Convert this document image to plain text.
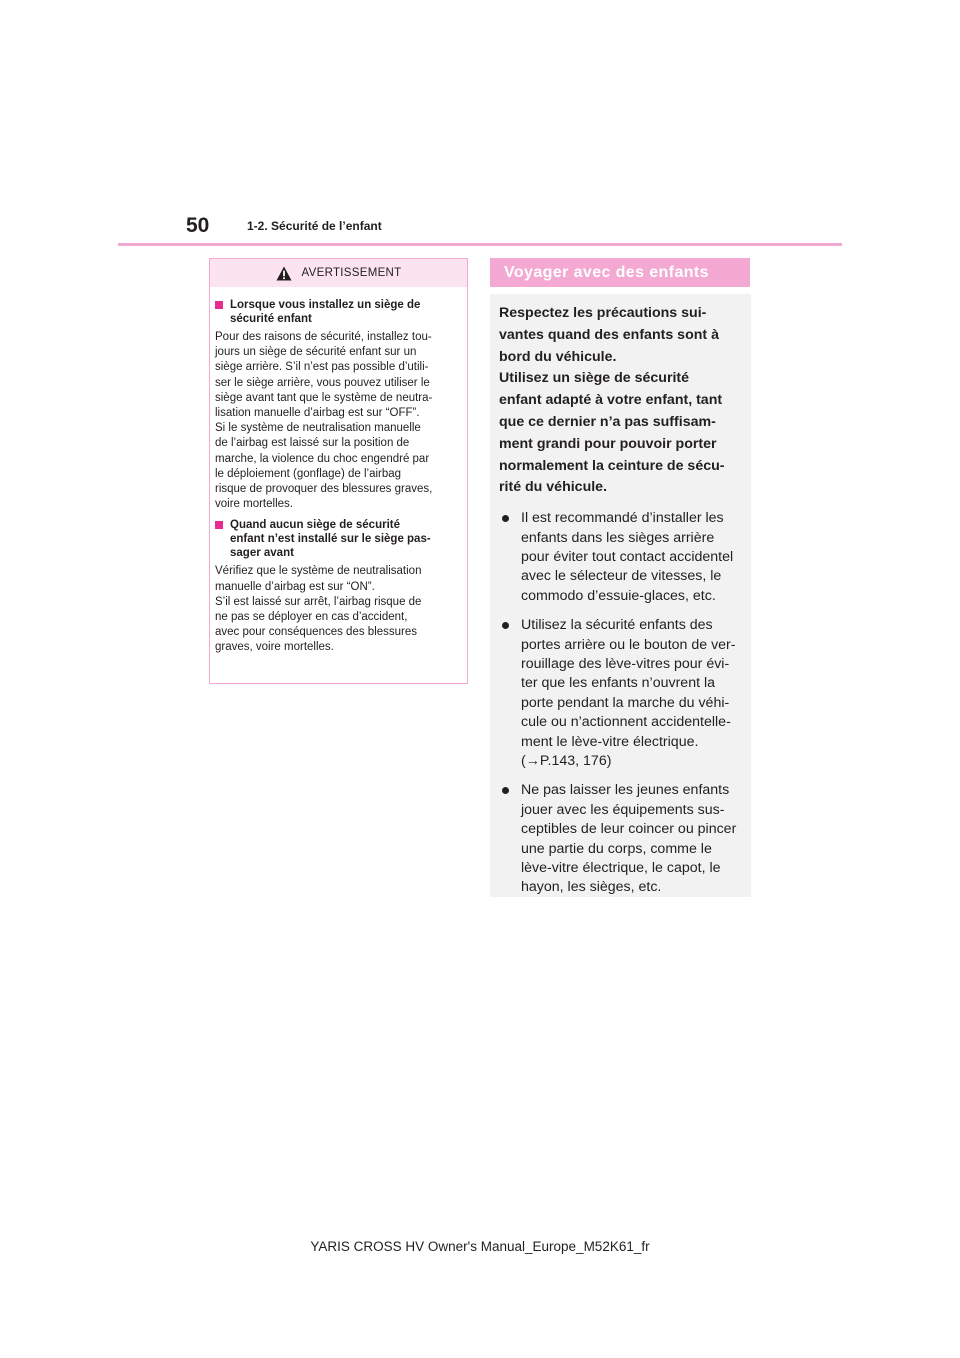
50	1-2. Sécurité de l’enfant
AVERTISSEMENT
Lorsque vous installez un siège de
sécurité enfant
Pour des raisons de sécurité, installez tou-
jours un siège de sécurité enfant sur un
siège arrière. S’il n’est pas possible d’utili-
ser le siège arrière, vous pouvez utiliser le
siège avant tant que le système de neutra-
lisation manuelle d’airbag est sur “OFF”.
Si le système de neutralisation manuelle
de l’airbag est laissé sur la position de
marche, la violence du choc engendré par
le déploiement (gonflage) de l’airbag
risque de provoquer des blessures graves,
voire mortelles.
Quand aucun siège de sécurité
enfant n’est installé sur le siège pas-
sager avant
Vérifiez que le système de neutralisation
manuelle d’airbag est sur “ON”.
S’il est laissé sur arrêt, l’airbag risque de
ne pas se déployer en cas d’accident,
avec pour conséquences des blessures
graves, voire mortelles.
Voyager avec des enfants
Respectez les précautions sui-
vantes quand des enfants sont à
bord du véhicule.
Utilisez un siège de sécurité
enfant adapté à votre enfant, tant
que ce dernier n’a pas suffisam-
ment grandi pour pouvoir porter
normalement la ceinture de sécu-
rité du véhicule.
Il est recommandé d’installer les
enfants dans les sièges arrière
pour éviter tout contact accidentel
avec le sélecteur de vitesses, le
commodo d’essuie-glaces, etc.
Utilisez la sécurité enfants des
portes arrière ou le bouton de ver-
rouillage des lève-vitres pour évi-
ter que les enfants n’ouvrent la
porte pendant la marche du véhi-
cule ou n’actionnent accidentelle-
ment le lève-vitre électrique.
(→P.143, 176)
Ne pas laisser les jeunes enfants
jouer avec les équipements sus-
ceptibles de leur coincer ou pincer
une partie du corps, comme le
lève-vitre électrique, le capot, le
hayon, les sièges, etc.
YARIS CROSS HV Owner's Manual_Europe_M52K61_fr
